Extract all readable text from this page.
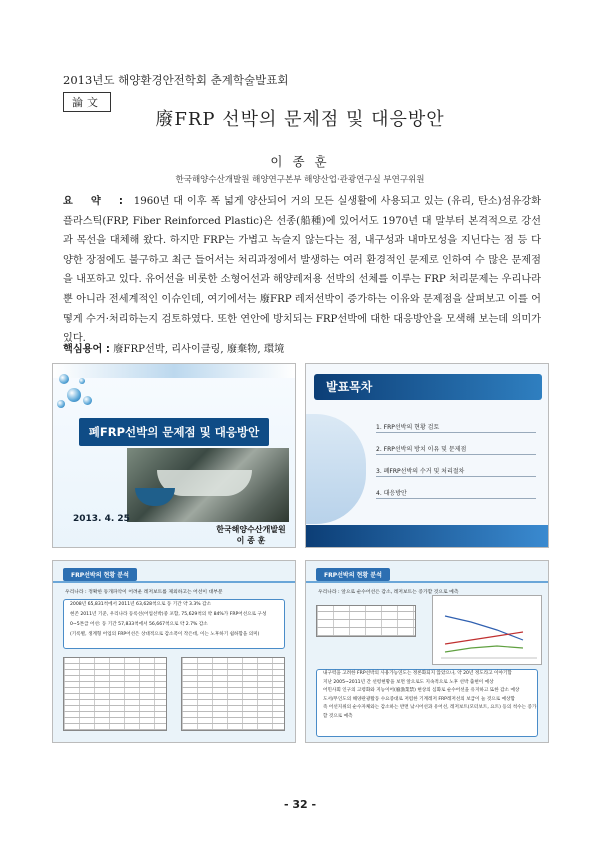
2013년도 해양환경안전학회 춘계학술발표회
論文
廢FRP 선박의 문제점 및 대응방안
이 종 훈
한국해양수산개발원 해양연구본부 해양산업·관광연구실 부연구위원
요 약 : 1960년 대 이후 폭 넓게 양산되어 거의 모든 실생활에 사용되고 있는 (유리, 탄소)섬유강화플라스틱(FRP, Fiber Reinforced Plastic)은 선종(船種)에 있어서도 1970년 대 말부터 본격적으로 강선 과 목선을 대체해 왔다. 하지만 FRP는 가볍고 녹슬지 않는다는 점, 내구성과 내마모성을 지닌다는 점 등 다양한 장점에도 불구하고 최근 들어서는 처리과정에서 발생하는 여러 환경적인 문제로 인하여 수 많은 문제점을 내포하고 있다. 유어선을 비롯한 소형어선과 해양레저용 선박의 선체를 이루는 FRP 처리문제는 우리나라 뿐 아니라 전세계적인 이슈인데, 여기에서는 廢FRP 레저선박이 증가하는 이유와 문제점을 살펴보고 이를 어떻게 수거·처리하는지 검토하였다. 또한 연안에 방치되는 FRP선박에 대한 대응방안을 모색해 보는데 의미가 있다.
핵심용어 : 廢FRP선박, 리사이클링, 廢棄物, 環境
폐FRP선박의 문제점 및 대응방안
2013. 4. 25
한국해양수산개발원
이 종 훈
발표목차
1. FRP선박의 현황 검토
2. FRP선박의 방치 이유 및 문제점
3. 폐FRP선박의 수거 및 처리절차
4. 대응방안
FRP선박의 현황 분석
우리나라 : 정확한 동개파악이 어려운 레저보트를 제외하고는 어선이 대부분
2008년 65,831척에서 2011년 63,628척으로 동 기간 약 3.3% 감소
현존 2011년 기준, 우리나라 등록선(어업선박)중 포함, 75,629척의 약 84%가 FRP어선으로 구성
0~5톤급 어선: 동 기간 57,833척에서 56,667척으로 약 2.7% 감소
(기록별, 생계형 어업의 FRP어선은 상대적으로 감소폭이 작은데, 이는 노후하기 쉽하함을 의미)
FRP선박의 현황 분석
우리나라 : 앞으로 순수어선은 감소, 레저보트는 증가할 것으로 예측
내구력을 고려한 FRP선박의 사용가능연도는 정론화되지 않았으나, 약 20년 정도라고 이야기함
지난 2005~2011년 간 선령현황을 보면 앞으로도 지속적으로 노후 선박 출현이 예상
어민사회 인구의 고령화와 지능이어(廢漁業禁) 현상의 심화로 순수어선을 유지하고 또한 감소 예상
도서/무인도의 해양관광활동 수요증대로 저렴한 기계레저 FRP레저선의 보급이 늘 것으로 예상함
즉 어선지위의 순수자체와는 감소하는 반면 낚시어선과 유어선, 레저보트(모터보트, 요트) 등의 척수는 증가할 것으로 예측
- 32 -
